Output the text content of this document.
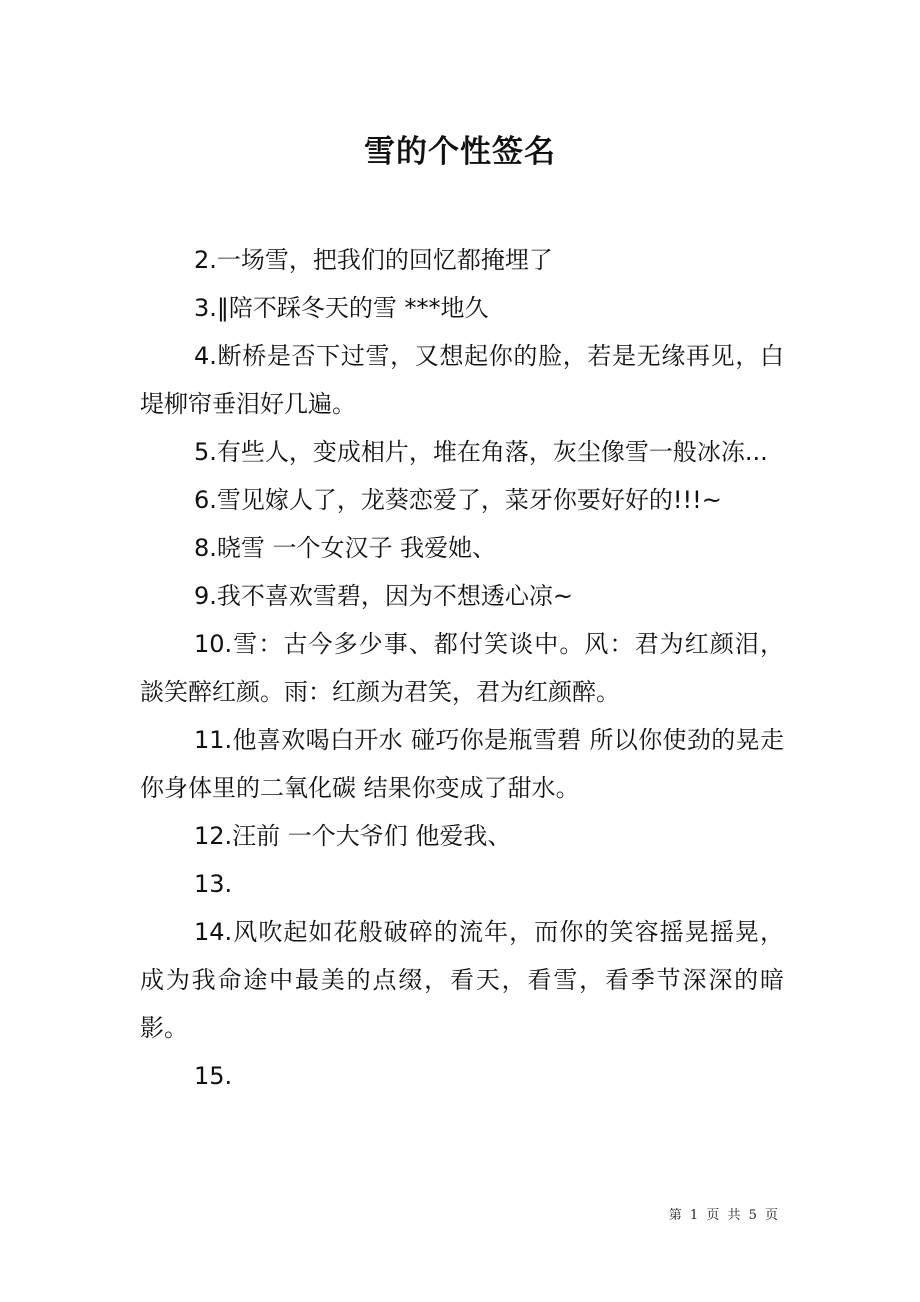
雪的个性签名

2.一场雪，把我们的回忆都掩埋了

3.‖陪不踩冬天的雪 ***地久

4.断桥是否下过雪，又想起你的脸，若是无缘再见，白堤柳帘垂泪好几遍。

5.有些人，变成相片，堆在角落，灰尘像雪一般冰冻...

6.雪见嫁人了，龙葵恋爱了，菜牙你要好好的!!!~

8.晓雪 一个女汉子 我爱她、

9.我不喜欢雪碧，因为不想透心凉~

10.雪：古今多少事、都付笑谈中。风：君为红颜泪，談笑醉红颜。雨：红颜为君笑，君为红颜醉。

11.他喜欢喝白开水 碰巧你是瓶雪碧 所以你使劲的晃走你身体里的二氧化碳 结果你变成了甜水。

12.汪前 一个大爷们 他爱我、

13.

14.风吹起如花般破碎的流年，而你的笑容摇晃摇晃，成为我命途中最美的点缀，看天，看雪，看季节深深的暗影。

15.

第 1 页 共 5 页
